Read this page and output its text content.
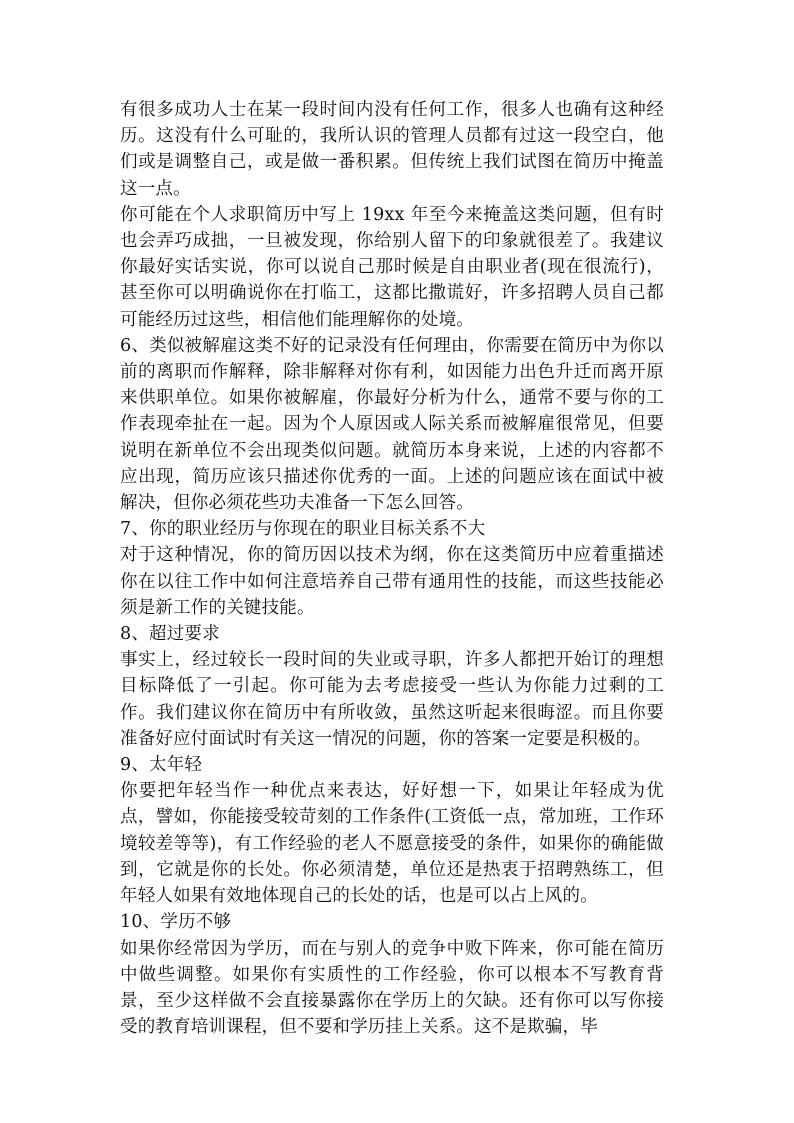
有很多成功人士在某一段时间内没有任何工作，很多人也确有这种经历。这没有什么可耻的，我所认识的管理人员都有过这一段空白，他们或是调整自己，或是做一番积累。但传统上我们试图在简历中掩盖这一点。

你可能在个人求职简历中写上 19xx 年至今来掩盖这类问题，但有时也会弄巧成拙，一旦被发现，你给别人留下的印象就很差了。我建议你最好实话实说，你可以说自己那时候是自由职业者(现在很流行)，甚至你可以明确说你在打临工，这都比撒谎好，许多招聘人员自己都可能经历过这些，相信他们能理解你的处境。

6、类似被解雇这类不好的记录没有任何理由，你需要在简历中为你以前的离职而作解释，除非解释对你有利，如因能力出色升迁而离开原来供职单位。如果你被解雇，你最好分析为什么，通常不要与你的工作表现牵扯在一起。因为个人原因或人际关系而被解雇很常见，但要说明在新单位不会出现类似问题。就简历本身来说，上述的内容都不应出现，简历应该只描述你优秀的一面。上述的问题应该在面试中被解决，但你必须花些功夫准备一下怎么回答。

7、你的职业经历与你现在的职业目标关系不大

对于这种情况，你的简历因以技术为纲，你在这类简历中应着重描述你在以往工作中如何注意培养自己带有通用性的技能，而这些技能必须是新工作的关键技能。

8、超过要求

事实上，经过较长一段时间的失业或寻职，许多人都把开始订的理想目标降低了一引起。你可能为去考虑接受一些认为你能力过剩的工作。我们建议你在简历中有所收敛，虽然这听起来很晦涩。而且你要准备好应付面试时有关这一情况的问题，你的答案一定要是积极的。

9、太年轻

你要把年轻当作一种优点来表达，好好想一下，如果让年轻成为优点，譬如，你能接受较苛刻的工作条件(工资低一点，常加班，工作环境较差等等)，有工作经验的老人不愿意接受的条件，如果你的确能做到，它就是你的长处。你必须清楚，单位还是热衷于招聘熟练工，但年轻人如果有效地体现自己的长处的话，也是可以占上风的。

10、学历不够

如果你经常因为学历，而在与别人的竞争中败下阵来，你可能在简历中做些调整。如果你有实质性的工作经验，你可以根本不写教育背景，至少这样做不会直接暴露你在学历上的欠缺。还有你可以写你接受的教育培训课程，但不要和学历挂上关系。这不是欺骗，毕
